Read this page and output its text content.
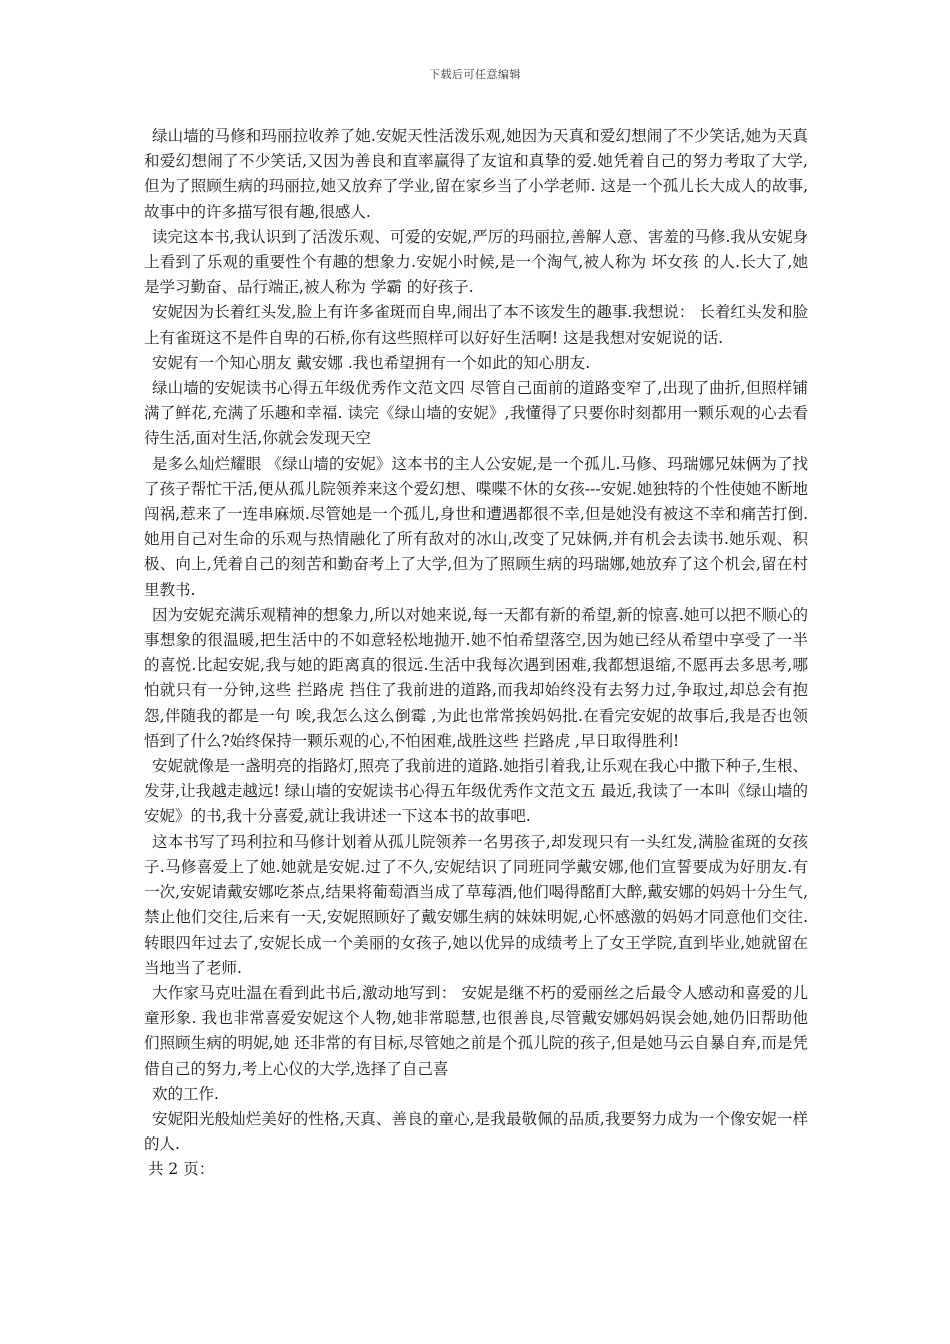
下载后可任意编辑

绿山墙的马修和玛丽拉收养了她.安妮天性活泼乐观,她因为天真和爱幻想闹了不少笑话,她为天真和爱幻想闹了不少笑话,又因为善良和直率赢得了友谊和真挚的爱.她凭着自己的努力考取了大学,但为了照顾生病的玛丽拉,她又放弃了学业,留在家乡当了小学老师. 这是一个孤儿长大成人的故事,故事中的许多描写很有趣,很感人.

读完这本书,我认识到了活泼乐观、可爱的安妮,严厉的玛丽拉,善解人意、害羞的马修.我从安妮身上看到了乐观的重要性个有趣的想象力.安妮小时候,是一个淘气,被人称为 坏女孩 的人.长大了,她是学习勤奋、品行端正,被人称为 学霸 的好孩子.

安妮因为长着红头发,脸上有许多雀斑而自卑,闹出了本不该发生的趣事.我想说： 长着红头发和脸上有雀斑这不是件自卑的石桥,你有这些照样可以好好生活啊! 这是我想对安妮说的话.

安妮有一个知心朋友 戴安娜 .我也希望拥有一个如此的知心朋友.

绿山墙的安妮读书心得五年级优秀作文范文四 尽管自己面前的道路变窄了,出现了曲折,但照样铺满了鲜花,充满了乐趣和幸福. 读完《绿山墙的安妮》,我懂得了只要你时刻都用一颗乐观的心去看待生活,面对生活,你就会发现天空

是多么灿烂耀眼 《绿山墙的安妮》这本书的主人公安妮,是一个孤儿.马修、玛瑞娜兄妹俩为了找了孩子帮忙干活,便从孤儿院领养来这个爱幻想、喋喋不休的女孩---安妮.她独特的个性使她不断地闯祸,惹来了一连串麻烦.尽管她是一个孤儿,身世和遭遇都很不幸,但是她没有被这不幸和痛苦打倒.她用自己对生命的乐观与热情融化了所有敌对的冰山,改变了兄妹俩,并有机会去读书.她乐观、积极、向上,凭着自己的刻苦和勤奋考上了大学,但为了照顾生病的玛瑞娜,她放弃了这个机会,留在村里教书.

因为安妮充满乐观精神的想象力,所以对她来说,每一天都有新的希望,新的惊喜.她可以把不顺心的事想象的很温暖,把生活中的不如意轻松地抛开.她不怕希望落空,因为她已经从希望中享受了一半的喜悦.比起安妮,我与她的距离真的很远.生活中我每次遇到困难,我都想退缩,不愿再去多思考,哪怕就只有一分钟,这些 拦路虎 挡住了我前进的道路,而我却始终没有去努力过,争取过,却总会有抱怨,伴随我的都是一句 唉,我怎么这么倒霉 ,为此也常常挨妈妈批.在看完安妮的故事后,我是否也领悟到了什么?始终保持一颗乐观的心,不怕困难,战胜这些 拦路虎 ,早日取得胜利!

安妮就像是一盏明亮的指路灯,照亮了我前进的道路.她指引着我,让乐观在我心中撒下种子,生根、发芽,让我越走越远! 绿山墙的安妮读书心得五年级优秀作文范文五 最近,我读了一本叫《绿山墙的安妮》的书,我十分喜爱,就让我讲述一下这本书的故事吧.

这本书写了玛利拉和马修计划着从孤儿院领养一名男孩子,却发现只有一头红发,满脸雀斑的女孩子.马修喜爱上了她.她就是安妮.过了不久,安妮结识了同班同学戴安娜,他们宣誓要成为好朋友.有一次,安妮请戴安娜吃茶点,结果将葡萄酒当成了草莓酒,他们喝得酩酊大醉,戴安娜的妈妈十分生气,禁止他们交往,后来有一天,安妮照顾好了戴安娜生病的妹妹明妮,心怀感激的妈妈才同意他们交往.转眼四年过去了,安妮长成一个美丽的女孩子,她以优异的成绩考上了女王学院,直到毕业,她就留在当地当了老师.

大作家马克吐温在看到此书后,激动地写到： 安妮是继不朽的爱丽丝之后最令人感动和喜爱的儿童形象. 我也非常喜爱安妮这个人物,她非常聪慧,也很善良,尽管戴安娜妈妈误会她,她仍旧帮助他们照顾生病的明妮,她 还非常的有目标,尽管她之前是个孤儿院的孩子,但是她马云自暴自弃,而是凭借自己的努力,考上心仪的大学,选择了自己喜

欢的工作.

安妮阳光般灿烂美好的性格,天真、善良的童心,是我最敬佩的品质,我要努力成为一个像安妮一样的人.

共 2 页：
